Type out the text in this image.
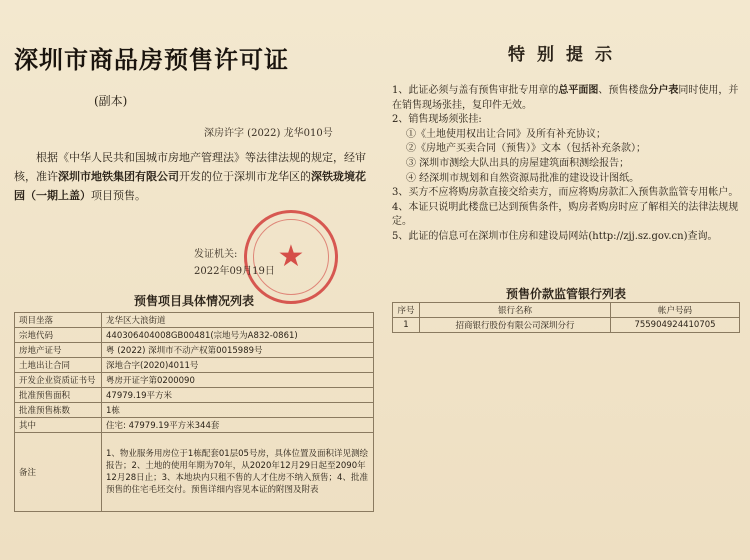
深圳市商品房预售许可证
(副本)
深房许字 (2022) 龙华010号

根据《中华人民共和国城市房地产管理法》等法律法规的规定，经审核，准许深圳市地铁集团有限公司开发的位于深圳市龙华区的深铁珑境花园（一期上盖）项目预售。

★
发证机关:
2022年09月19日
预售项目具体情况列表
项目坐落	龙华区大浪街道
宗地代码	440306404008GB00481(宗地号为A832-0861)
房地产证号	粤 (2022) 深圳市不动产权第0015989号
土地出让合同	深地合字(2020)4011号
开发企业资质证书号	粤房开证字第0200090
批准预售面积	47979.19平方米
批准预售栋数	1栋
其中	住宅: 47979.19平方米344套
备注	1、物业服务用房位于1栋配套01层05号房，具体位置及面积详见测绘报告；2、土地的使用年期为70年，从2020年12月29日起至2090年12月28日止；3、本地块内只租不售的人才住房不纳入预售；4、批准预售的住宅毛坯交付。预售详细内容见本证的附图及附表
特别提示
1、此证必须与盖有预售审批专用章的总平面图、预售楼盘分户表同时使用，并在销售现场张挂，复印件无效。
2、销售现场须张挂:
①《土地使用权出让合同》及所有补充协议；
②《房地产买卖合同（预售）》文本（包括补充条款）；
③ 深圳市测绘大队出具的房屋建筑面积测绘报告；
④ 经深圳市规划和自然资源局批准的建设设计图纸。
3、买方不应将购房款直接交给卖方，而应将购房款汇入预售款监管专用帐户。
4、本证只说明此楼盘已达到预售条件，购房者购房时应了解相关的法律法规规定。
5、此证的信息可在深圳市住房和建设局网站(http://zjj.sz.gov.cn)查询。
预售价款监管银行列表
序号	银行名称	帐户号码
1	招商银行股份有限公司深圳分行	755904924410705
